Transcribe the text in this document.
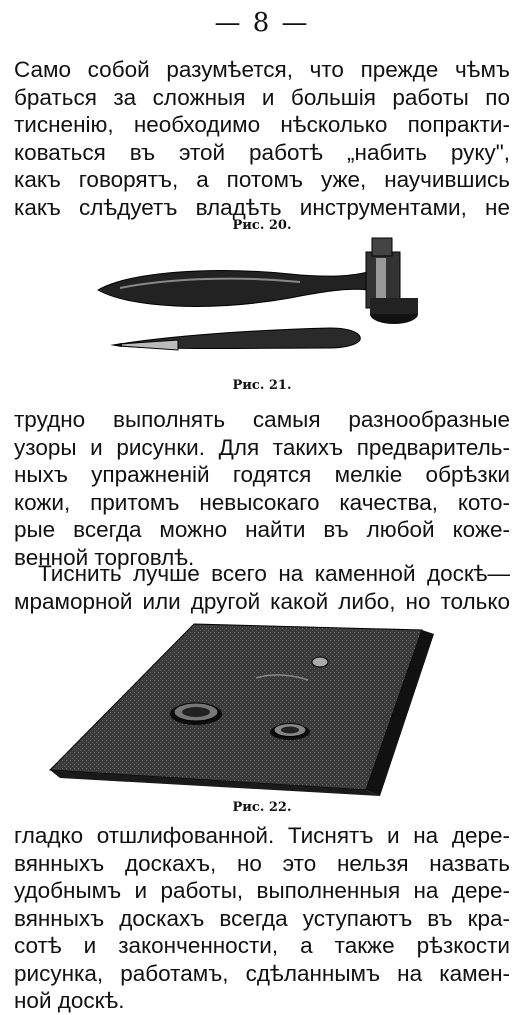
— 8 —
Само собой разумѣется, что прежде чѣмъ
браться за сложныя и большія работы по
тисненію, необходимо нѣсколько попракти-
коваться въ этой работѣ „набить руку",
какъ говорятъ, а потомъ уже, научившись
какъ слѣдуетъ владѣть инструментами, не
Рис. 20.
Рис. 21.
трудно выполнять самыя разнообразные
узоры и рисунки. Для такихъ предваритель-
ныхъ упражненій годятся мелкіе обрѣзки
кожи, притомъ невысокаго качества, кото-
рые всегда можно найти въ любой коже-
венной торговлѣ.
Тиснить лучше всего на каменной доскѣ—
мраморной или другой какой либо, но только
Рис. 22.
гладко отшлифованной. Тиснятъ и на дере-
вянныхъ доскахъ, но это нельзя назвать
удобнымъ и работы, выполненныя на дере-
вянныхъ доскахъ всегда уступаютъ въ кра-
сотѣ и законченности, а также рѣзкости
рисунка, работамъ, сдѣланнымъ на камен-
ной доскѣ.
